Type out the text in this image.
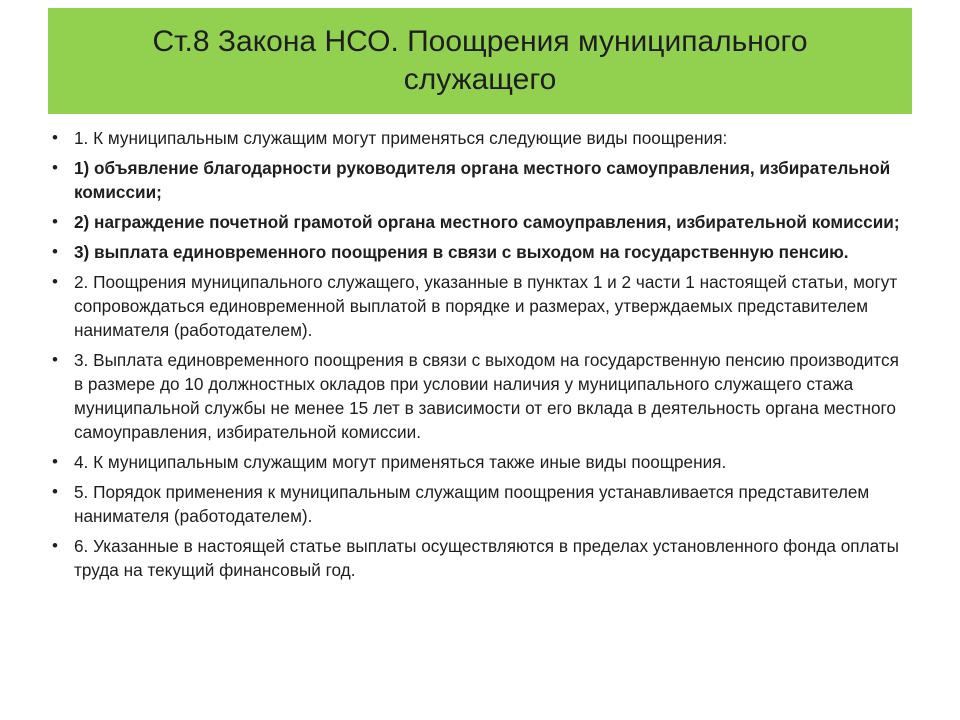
Ст.8 Закона НСО. Поощрения муниципального служащего
• 1. К муниципальным служащим могут применяться следующие виды поощрения:
• 1) объявление благодарности руководителя органа местного самоуправления, избирательной комиссии;
• 2) награждение почетной грамотой органа местного самоуправления, избирательной комиссии;
• 3) выплата единовременного поощрения в связи с выходом на государственную пенсию.
• 2. Поощрения муниципального служащего, указанные в пунктах 1 и 2 части 1 настоящей статьи, могут сопровождаться единовременной выплатой в порядке и размерах, утверждаемых представителем нанимателя (работодателем).
• 3. Выплата единовременного поощрения в связи с выходом на государственную пенсию производится в размере до 10 должностных окладов при условии наличия у муниципального служащего стажа муниципальной службы не менее 15 лет в зависимости от его вклада в деятельность органа местного самоуправления, избирательной комиссии.
• 4. К муниципальным служащим могут применяться также иные виды поощрения.
• 5. Порядок применения к муниципальным служащим поощрения устанавливается представителем нанимателя (работодателем).
• 6. Указанные в настоящей статье выплаты осуществляются в пределах установленного фонда оплаты труда на текущий финансовый год.
